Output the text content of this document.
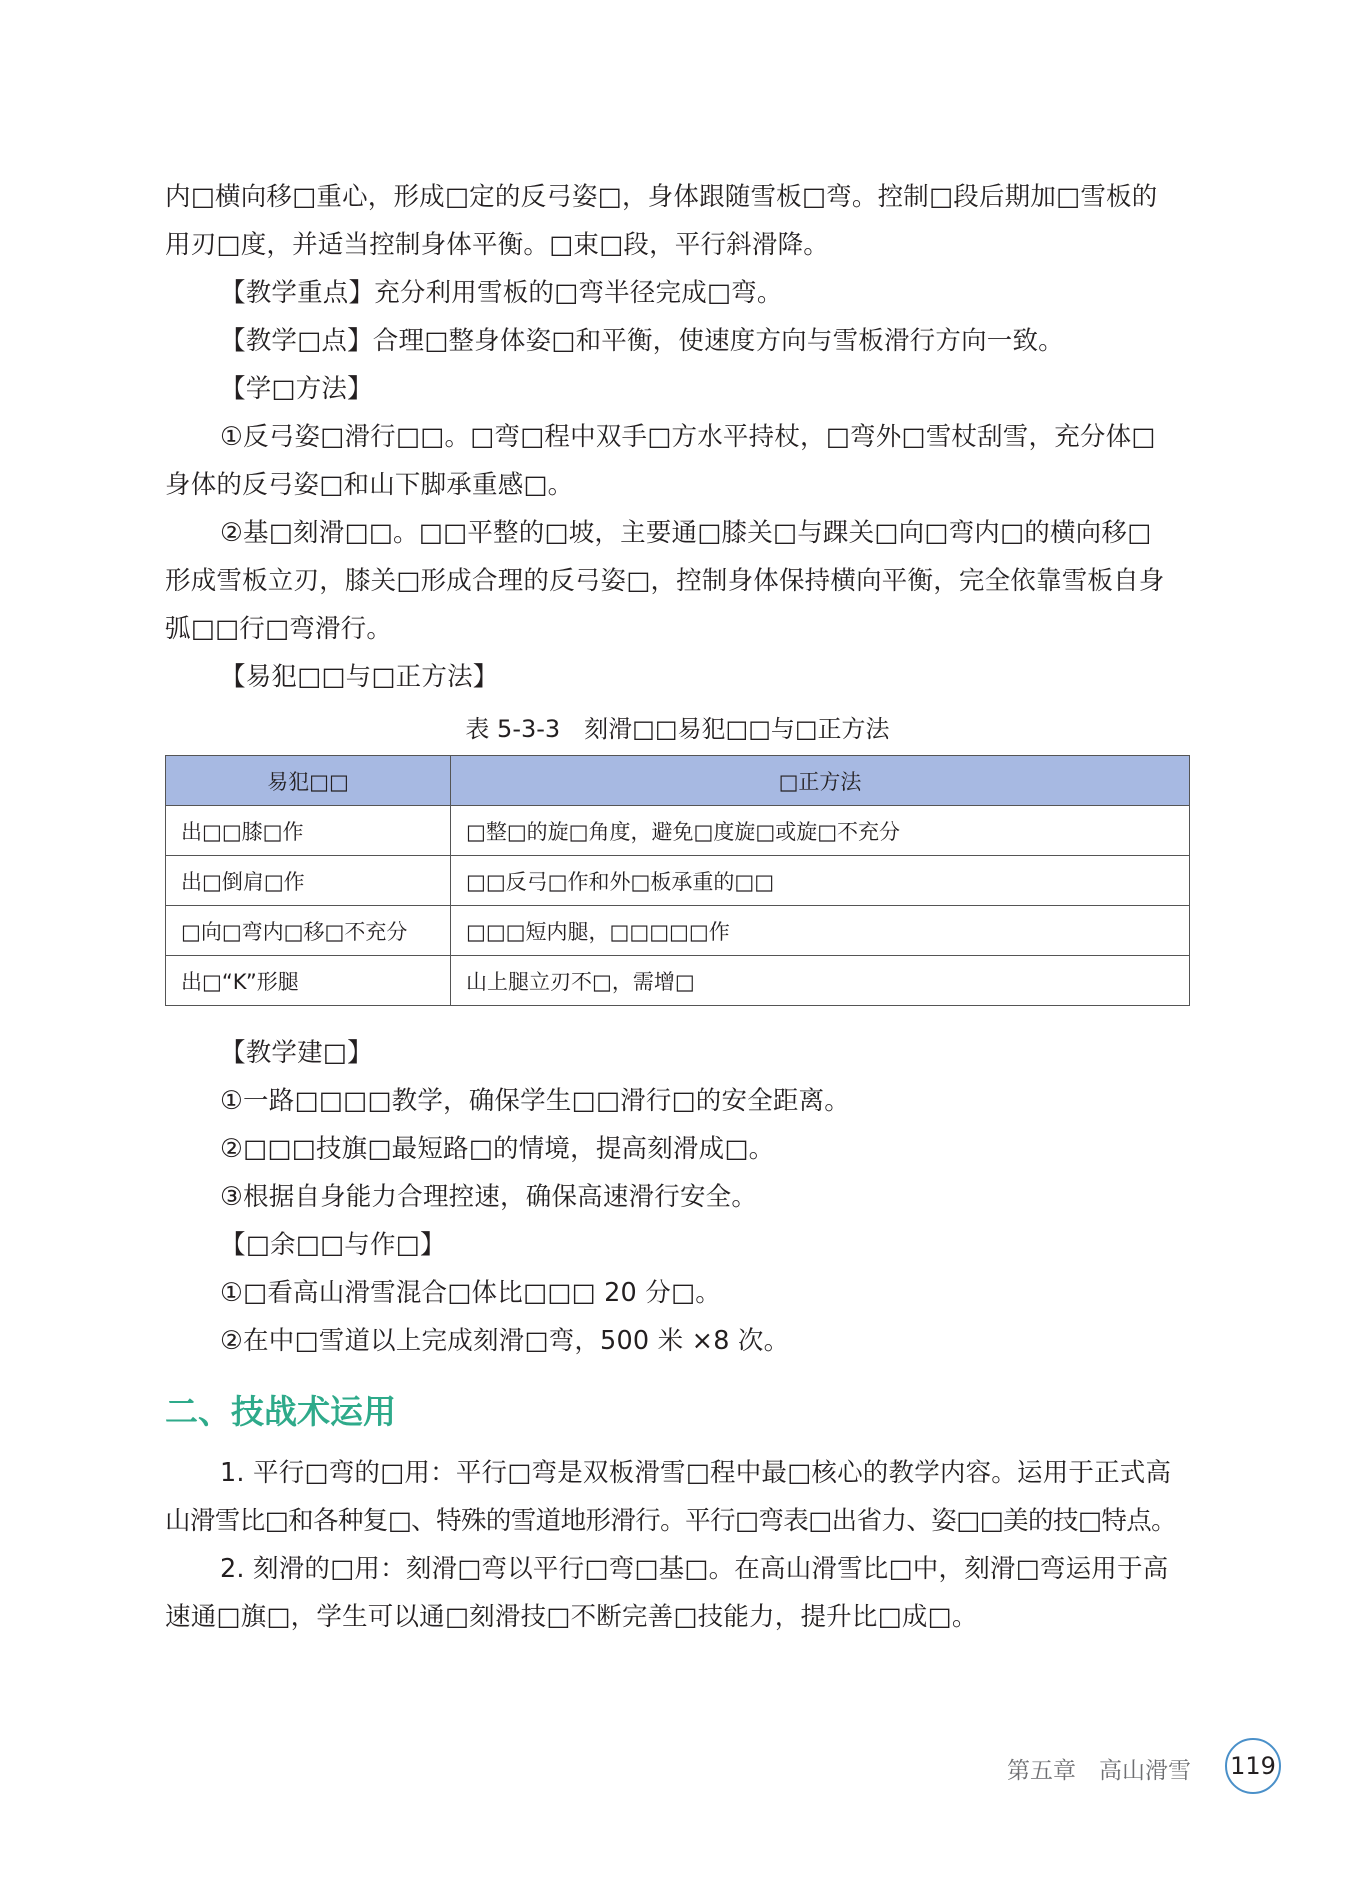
内□横向移□重心，形成□定的反弓姿□，身体跟随雪板□弯。控制□段后期加□雪板的
用刃□度，并适当控制身体平衡。□束□段，平行斜滑降。
【教学重点】充分利用雪板的□弯半径完成□弯。
【教学□点】合理□整身体姿□和平衡，使速度方向与雪板滑行方向一致。
【学□方法】
①反弓姿□滑行□□。□弯□程中双手□方水平持杖，□弯外□雪杖刮雪，充分体□
身体的反弓姿□和山下脚承重感□。
②基□刻滑□□。□□平整的□坡，主要通□膝关□与踝关□向□弯内□的横向移□
形成雪板立刃，膝关□形成合理的反弓姿□，控制身体保持横向平衡，完全依靠雪板自身
弧□□行□弯滑行。
【易犯□□与□正方法】
表 5-3-3　刻滑□□易犯□□与□正方法
易犯□□	□正方法
出□□膝□作	□整□的旋□角度，避免□度旋□或旋□不充分
出□倒肩□作	□□反弓□作和外□板承重的□□
□向□弯内□移□不充分	□□□短内腿，□□□□□作
出□“K”形腿	山上腿立刃不□，需增□
【教学建□】
①一路□□□□教学，确保学生□□滑行□的安全距离。
②□□□技旗□最短路□的情境，提高刻滑成□。
③根据自身能力合理控速，确保高速滑行安全。
【□余□□与作□】
①□看高山滑雪混合□体比□□□ 20 分□。
②在中□雪道以上完成刻滑□弯，500 米 ×8 次。
二、技战术运用
1. 平行□弯的□用：平行□弯是双板滑雪□程中最□核心的教学内容。运用于正式高
山滑雪比□和各种复□、特殊的雪道地形滑行。平行□弯表□出省力、姿□□美的技□特点。
2. 刻滑的□用：刻滑□弯以平行□弯□基□。在高山滑雪比□中，刻滑□弯运用于高
速通□旗□，学生可以通□刻滑技□不断完善□技能力，提升比□成□。
第五章　高山滑雪 119
